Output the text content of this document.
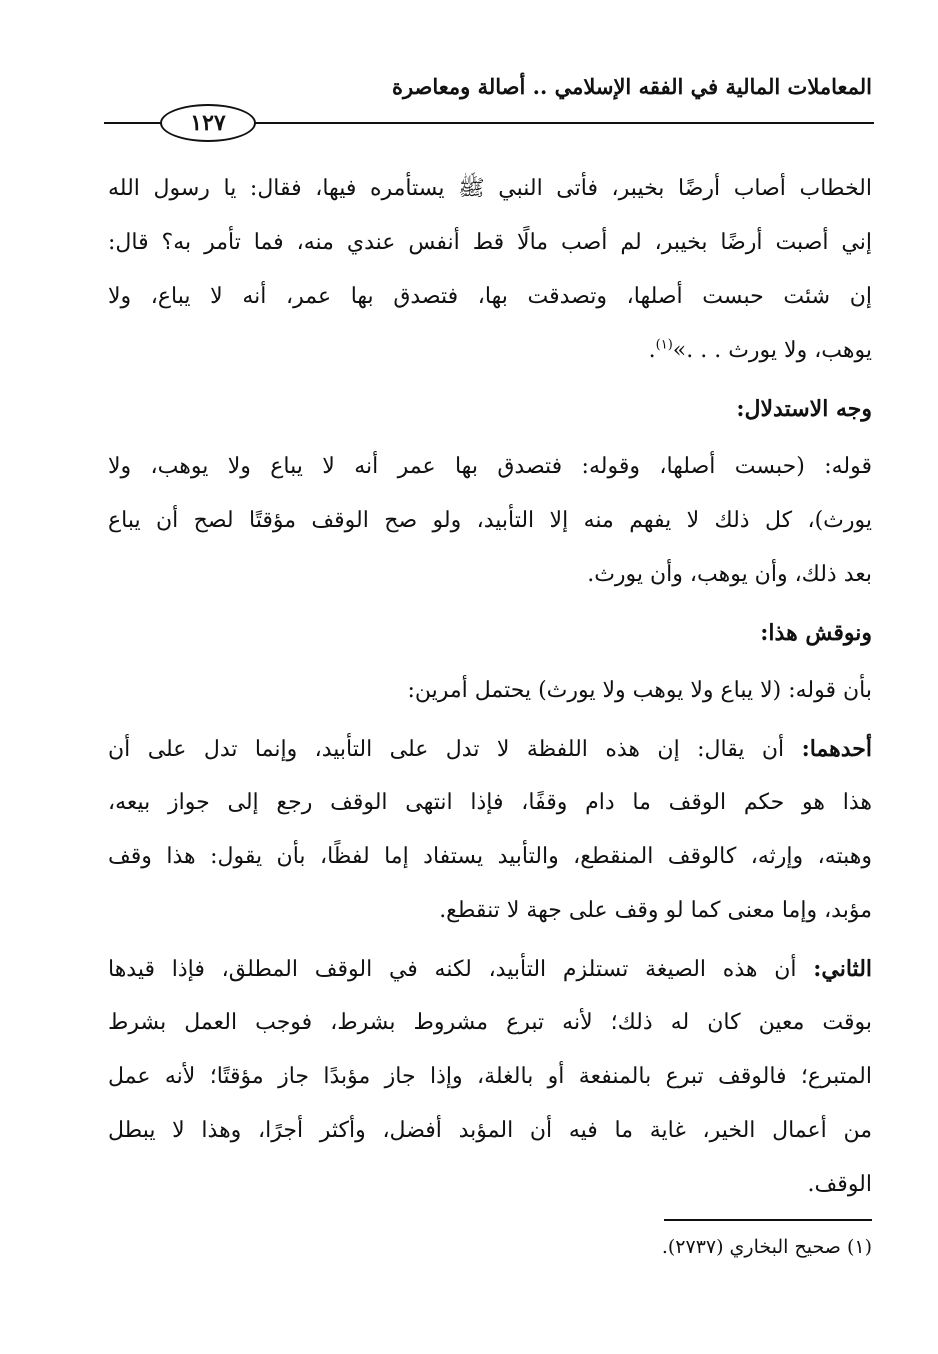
المعاملات المالية في الفقه الإسلامي .. أصالة ومعاصرة
١٢٧
الخطاب أصاب أرضًا بخيبر، فأتى النبي ﷺ يستأمره فيها، فقال: يا رسول الله
إني أصبت أرضًا بخيبر، لم أصب مالًا قط أنفس عندي منه، فما تأمر به؟ قال:
إن شئت حبست أصلها، وتصدقت بها، فتصدق بها عمر، أنه لا يباع، ولا
يوهب، ولا يورث . . .»$^{(١)}$.
وجه الاستدلال:
قوله: (حبست أصلها، وقوله: فتصدق بها عمر أنه لا يباع ولا يوهب، ولا
يورث)، كل ذلك لا يفهم منه إلا التأبيد، ولو صح الوقف مؤقتًا لصح أن يباع
بعد ذلك، وأن يوهب، وأن يورث.
ونوقش هذا:
بأن قوله: (لا يباع ولا يوهب ولا يورث) يحتمل أمرين:
أحدهما: أن يقال: إن هذه اللفظة لا تدل على التأبيد، وإنما تدل على أن
هذا هو حكم الوقف ما دام وقفًا، فإذا انتهى الوقف رجع إلى جواز بيعه،
وهبته، وإرثه، كالوقف المنقطع، والتأبيد يستفاد إما لفظًا، بأن يقول: هذا وقف
مؤبد، وإما معنى كما لو وقف على جهة لا تنقطع.
الثاني: أن هذه الصيغة تستلزم التأبيد، لكنه في الوقف المطلق، فإذا قيدها
بوقت معين كان له ذلك؛ لأنه تبرع مشروط بشرط، فوجب العمل بشرط
المتبرع؛ فالوقف تبرع بالمنفعة أو بالغلة، وإذا جاز مؤبدًا جاز مؤقتًا؛ لأنه عمل
من أعمال الخير، غاية ما فيه أن المؤبد أفضل، وأكثر أجرًا، وهذا لا يبطل
الوقف.
(١) صحيح البخاري (٢٧٣٧).
